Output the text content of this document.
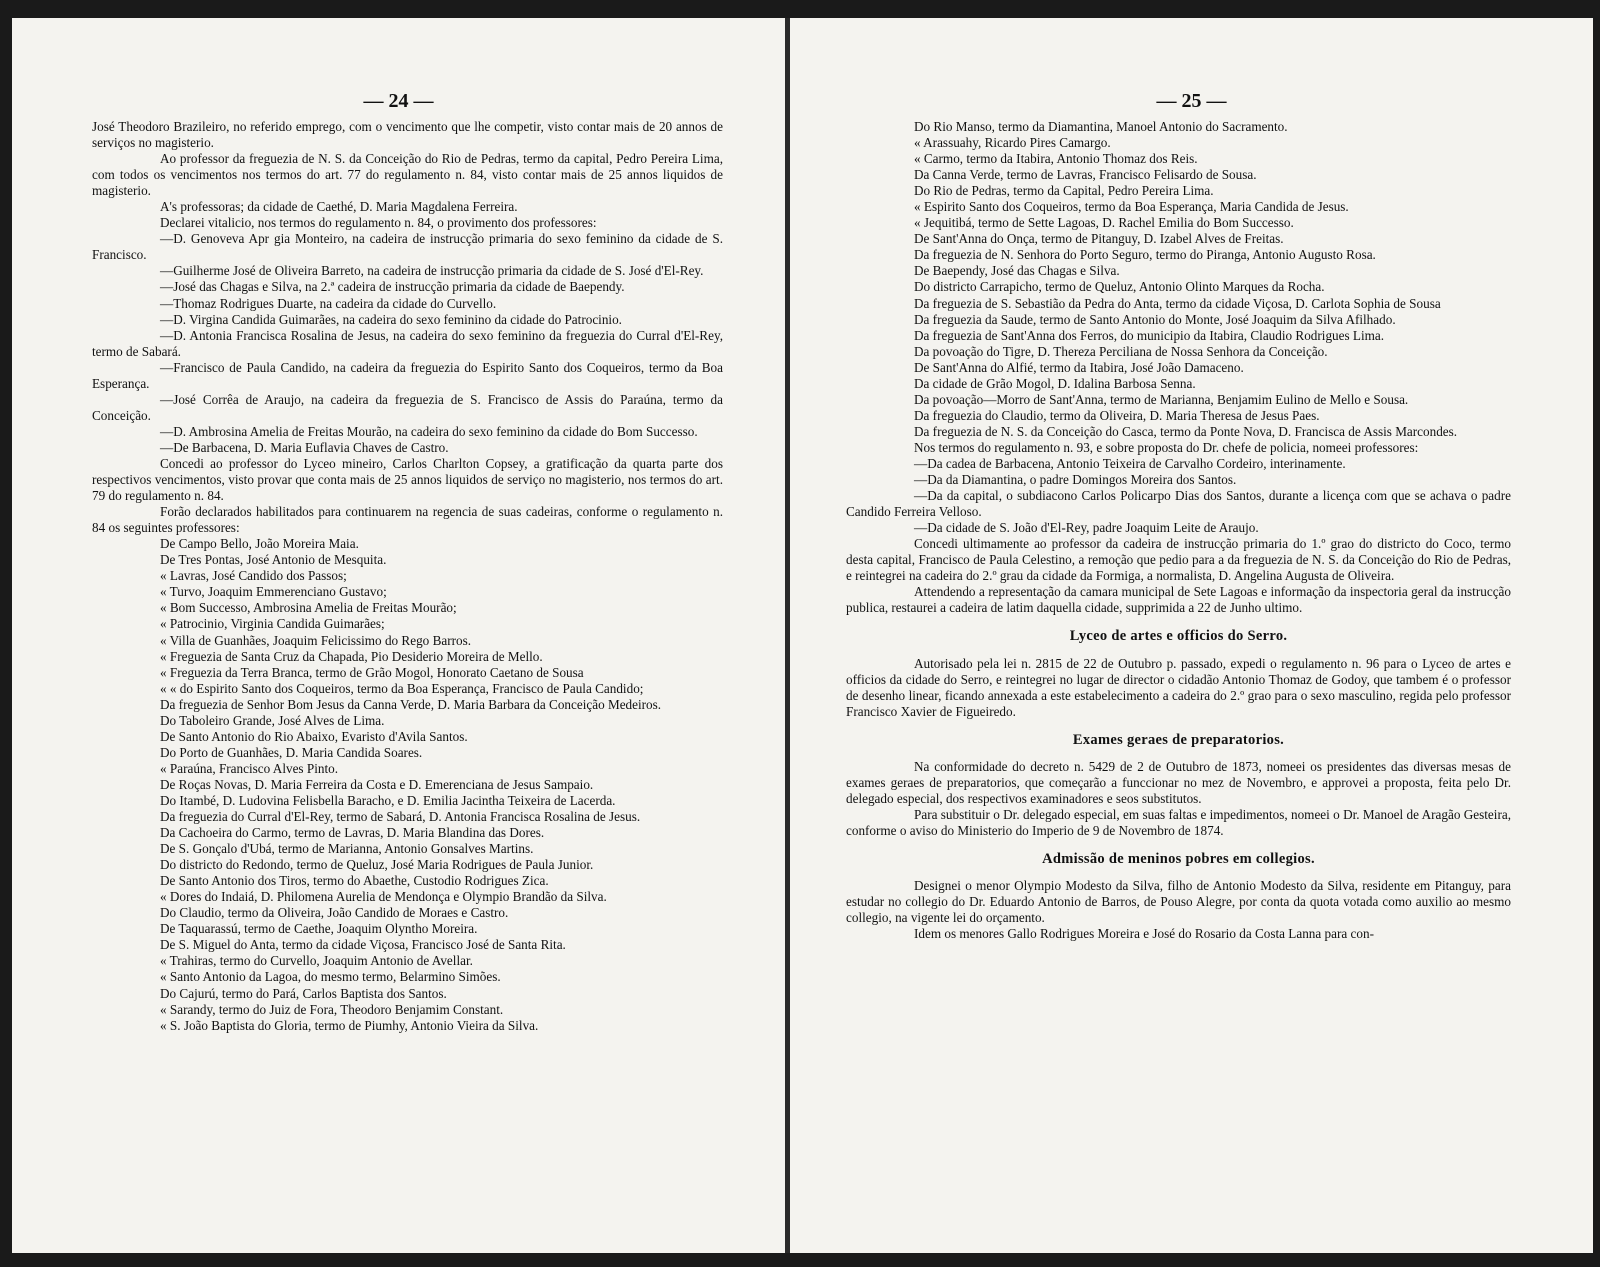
— 24 —

José Theodoro Brazileiro, no referido emprego, com o vencimento que lhe competir, visto contar mais de 20 annos de serviços no magisterio.

Ao professor da freguezia de N. S. da Conceição do Rio de Pedras, termo da capital, Pedro Pereira Lima, com todos os vencimentos nos termos do art. 77 do regulamento n. 84, visto contar mais de 25 annos liquidos de magisterio.

A's professoras; da cidade de Caethé, D. Maria Magdalena Ferreira.

Declarei vitalicio, nos termos do regulamento n. 84, o provimento dos professores:

—D. Genoveva Apr gia Monteiro, na cadeira de instrucção primaria do sexo feminino da cidade de S. Francisco.

—Guilherme José de Oliveira Barreto, na cadeira de instrucção primaria da cidade de S. José d'El-Rey.

—José das Chagas e Silva, na 2.ª cadeira de instrucção primaria da cidade de Baependy.

—Thomaz Rodrigues Duarte, na cadeira da cidade do Curvello.

—D. Virgina Candida Guimarães, na cadeira do sexo feminino da cidade do Patrocinio.

—D. Antonia Francisca Rosalina de Jesus, na cadeira do sexo feminino da freguezia do Curral d'El-Rey, termo de Sabará.

—Francisco de Paula Candido, na cadeira da freguezia do Espirito Santo dos Coqueiros, termo da Boa Esperança.

—José Corrêa de Araujo, na cadeira da freguezia de S. Francisco de Assis do Paraúna, termo da Conceição.

—D. Ambrosina Amelia de Freitas Mourão, na cadeira do sexo feminino da cidade do Bom Successo.

—De Barbacena, D. Maria Euflavia Chaves de Castro.

Concedi ao professor do Lyceo mineiro, Carlos Charlton Copsey, a gratificação da quarta parte dos respectivos vencimentos, visto provar que conta mais de 25 annos liquidos de serviço no magisterio, nos termos do art. 79 do regulamento n. 84.

Forão declarados habilitados para continuarem na regencia de suas cadeiras, conforme o regulamento n. 84 os seguintes professores:

De Campo Bello, João Moreira Maia.

De Tres Pontas, José Antonio de Mesquita.

« Lavras, José Candido dos Passos;

« Turvo, Joaquim Emmerenciano Gustavo;

« Bom Successo, Ambrosina Amelia de Freitas Mourão;

« Patrocinio, Virginia Candida Guimarães;

« Villa de Guanhães, Joaquim Felicissimo do Rego Barros.

« Freguezia de Santa Cruz da Chapada, Pio Desiderio Moreira de Mello.

« Freguezia da Terra Branca, termo de Grão Mogol, Honorato Caetano de Sousa

« « do Espirito Santo dos Coqueiros, termo da Boa Esperança, Francisco de Paula Candido;

Da freguezia de Senhor Bom Jesus da Canna Verde, D. Maria Barbara da Conceição Medeiros.

Do Taboleiro Grande, José Alves de Lima.

De Santo Antonio do Rio Abaixo, Evaristo d'Avila Santos.

Do Porto de Guanhães, D. Maria Candida Soares.

« Paraúna, Francisco Alves Pinto.

De Roças Novas, D. Maria Ferreira da Costa e D. Emerenciana de Jesus Sampaio.

Do Itambé, D. Ludovina Felisbella Baracho, e D. Emilia Jacintha Teixeira de Lacerda.

Da freguezia do Curral d'El-Rey, termo de Sabará, D. Antonia Francisca Rosalina de Jesus.

Da Cachoeira do Carmo, termo de Lavras, D. Maria Blandina das Dores.

De S. Gonçalo d'Ubá, termo de Marianna, Antonio Gonsalves Martins.

Do districto do Redondo, termo de Queluz, José Maria Rodrigues de Paula Junior.

De Santo Antonio dos Tiros, termo do Abaethe, Custodio Rodrigues Zica.

« Dores do Indaiá, D. Philomena Aurelia de Mendonça e Olympio Brandão da Silva.

Do Claudio, termo da Oliveira, João Candido de Moraes e Castro.

De Taquarassú, termo de Caethe, Joaquim Olyntho Moreira.

De S. Miguel do Anta, termo da cidade Viçosa, Francisco José de Santa Rita.

« Trahiras, termo do Curvello, Joaquim Antonio de Avellar.

« Santo Antonio da Lagoa, do mesmo termo, Belarmino Simões.

Do Cajurú, termo do Pará, Carlos Baptista dos Santos.

« Sarandy, termo do Juiz de Fora, Theodoro Benjamim Constant.

« S. João Baptista do Gloria, termo de Piumhy, Antonio Vieira da Silva.

— 25 —

Do Rio Manso, termo da Diamantina, Manoel Antonio do Sacramento.

« Arassuahy, Ricardo Pires Camargo.

« Carmo, termo da Itabira, Antonio Thomaz dos Reis.

Da Canna Verde, termo de Lavras, Francisco Felisardo de Sousa.

Do Rio de Pedras, termo da Capital, Pedro Pereira Lima.

« Espirito Santo dos Coqueiros, termo da Boa Esperança, Maria Candida de Jesus.

« Jequitibá, termo de Sette Lagoas, D. Rachel Emilia do Bom Successo.

De Sant'Anna do Onça, termo de Pitanguy, D. Izabel Alves de Freitas.

Da freguezia de N. Senhora do Porto Seguro, termo do Piranga, Antonio Augusto Rosa.

De Baependy, José das Chagas e Silva.

Do districto Carrapicho, termo de Queluz, Antonio Olinto Marques da Rocha.

Da freguezia de S. Sebastião da Pedra do Anta, termo da cidade Viçosa, D. Carlota Sophia de Sousa

Da freguezia da Saude, termo de Santo Antonio do Monte, José Joaquim da Silva Afilhado.

Da freguezia de Sant'Anna dos Ferros, do municipio da Itabira, Claudio Rodrigues Lima.

Da povoação do Tigre, D. Thereza Perciliana de Nossa Senhora da Conceição.

De Sant'Anna do Alfié, termo da Itabira, José João Damaceno.

Da cidade de Grão Mogol, D. Idalina Barbosa Senna.

Da povoação—Morro de Sant'Anna, termo de Marianna, Benjamim Eulino de Mello e Sousa.

Da freguezia do Claudio, termo da Oliveira, D. Maria Theresa de Jesus Paes.

Da freguezia de N. S. da Conceição do Casca, termo da Ponte Nova, D. Francisca de Assis Marcondes.

Nos termos do regulamento n. 93, e sobre proposta do Dr. chefe de policia, nomeei professores:

—Da cadea de Barbacena, Antonio Teixeira de Carvalho Cordeiro, interinamente.

—Da da Diamantina, o padre Domingos Moreira dos Santos.

—Da da capital, o subdiacono Carlos Policarpo Dias dos Santos, durante a licença com que se achava o padre Candido Ferreira Velloso.

—Da cidade de S. João d'El-Rey, padre Joaquim Leite de Araujo.

Concedi ultimamente ao professor da cadeira de instrucção primaria do 1.º grao do districto do Coco, termo desta capital, Francisco de Paula Celestino, a remoção que pedio para a da freguezia de N. S. da Conceição do Rio de Pedras, e reintegrei na cadeira do 2.º grau da cidade da Formiga, a normalista, D. Angelina Augusta de Oliveira.

Attendendo a representação da camara municipal de Sete Lagoas e informação da inspectoria geral da instrucção publica, restaurei a cadeira de latim daquella cidade, supprimida a 22 de Junho ultimo.

Lyceo de artes e officios do Serro.

Autorisado pela lei n. 2815 de 22 de Outubro p. passado, expedi o regulamento n. 96 para o Lyceo de artes e officios da cidade do Serro, e reintegrei no lugar de director o cidadão Antonio Thomaz de Godoy, que tambem é o professor de desenho linear, ficando annexada a este estabelecimento a cadeira do 2.º grao para o sexo masculino, regida pelo professor Francisco Xavier de Figueiredo.

Exames geraes de preparatorios.

Na conformidade do decreto n. 5429 de 2 de Outubro de 1873, nomeei os presidentes das diversas mesas de exames geraes de preparatorios, que começarão a funccionar no mez de Novembro, e approvei a proposta, feita pelo Dr. delegado especial, dos respectivos examinadores e seos substitutos.

Para substituir o Dr. delegado especial, em suas faltas e impedimentos, nomeei o Dr. Manoel de Aragão Gesteira, conforme o aviso do Ministerio do Imperio de 9 de Novembro de 1874.

Admissão de meninos pobres em collegios.

Designei o menor Olympio Modesto da Silva, filho de Antonio Modesto da Silva, residente em Pitanguy, para estudar no collegio do Dr. Eduardo Antonio de Barros, de Pouso Alegre, por conta da quota votada como auxilio ao mesmo collegio, na vigente lei do orçamento.

Idem os menores Gallo Rodrigues Moreira e José do Rosario da Costa Lanna para con-
